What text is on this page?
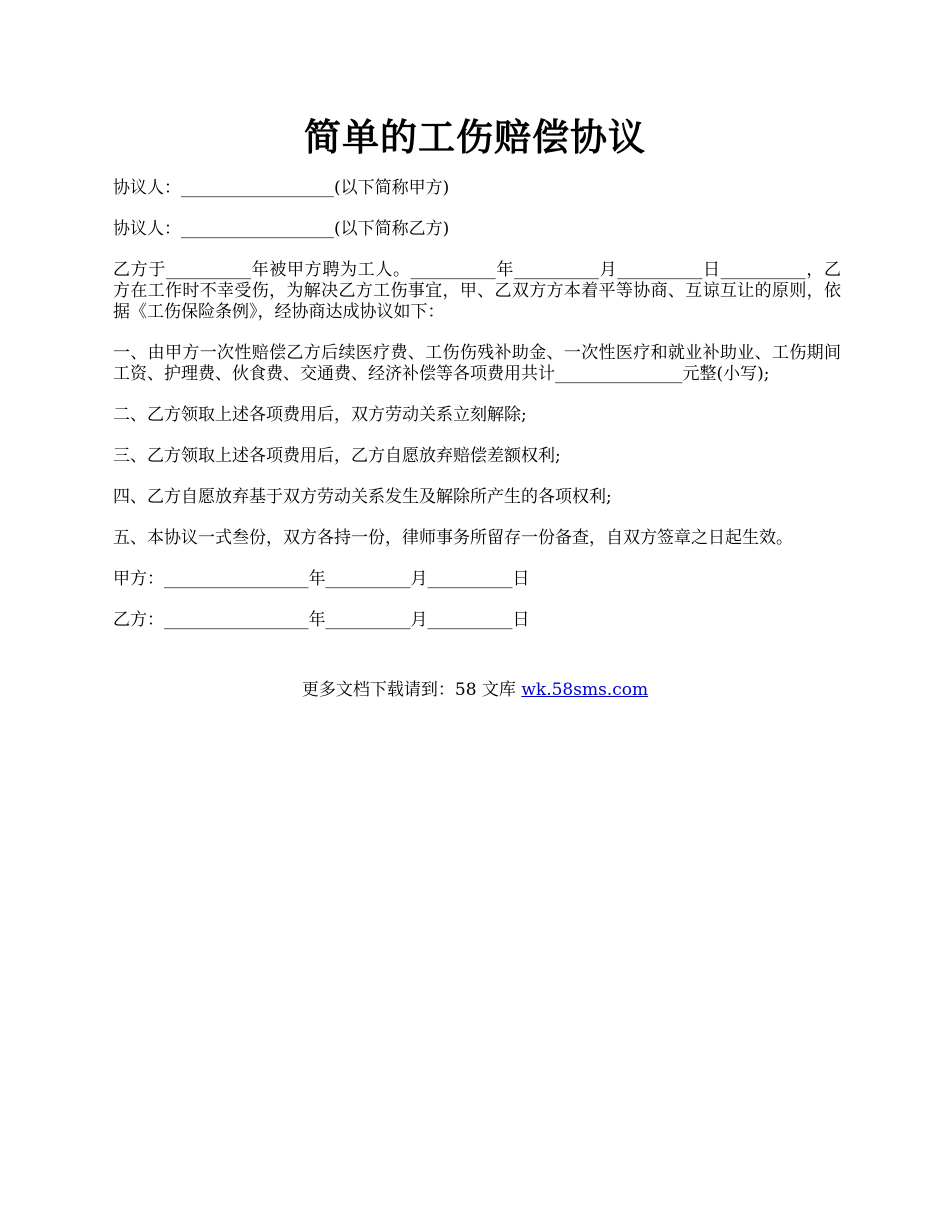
简单的工伤赔偿协议

协议人：__________________(以下简称甲方)

协议人：__________________(以下简称乙方)

乙方于__________年被甲方聘为工人。__________年__________月__________日__________，乙方在工作时不幸受伤，为解决乙方工伤事宜，甲、乙双方方本着平等协商、互谅互让的原则，依据《工伤保险条例》，经协商达成协议如下：

一、由甲方一次性赔偿乙方后续医疗费、工伤伤残补助金、一次性医疗和就业补助业、工伤期间工资、护理费、伙食费、交通费、经济补偿等各项费用共计_______________元整(小写);

二、乙方领取上述各项费用后，双方劳动关系立刻解除;

三、乙方领取上述各项费用后，乙方自愿放弃赔偿差额权利;

四、乙方自愿放弃基于双方劳动关系发生及解除所产生的各项权利;

五、本协议一式叁份，双方各持一份，律师事务所留存一份备查，自双方签章之日起生效。

甲方：_________________年__________月__________日

乙方：_________________年__________月__________日

更多文档下载请到：58 文库 wk.58sms.com
